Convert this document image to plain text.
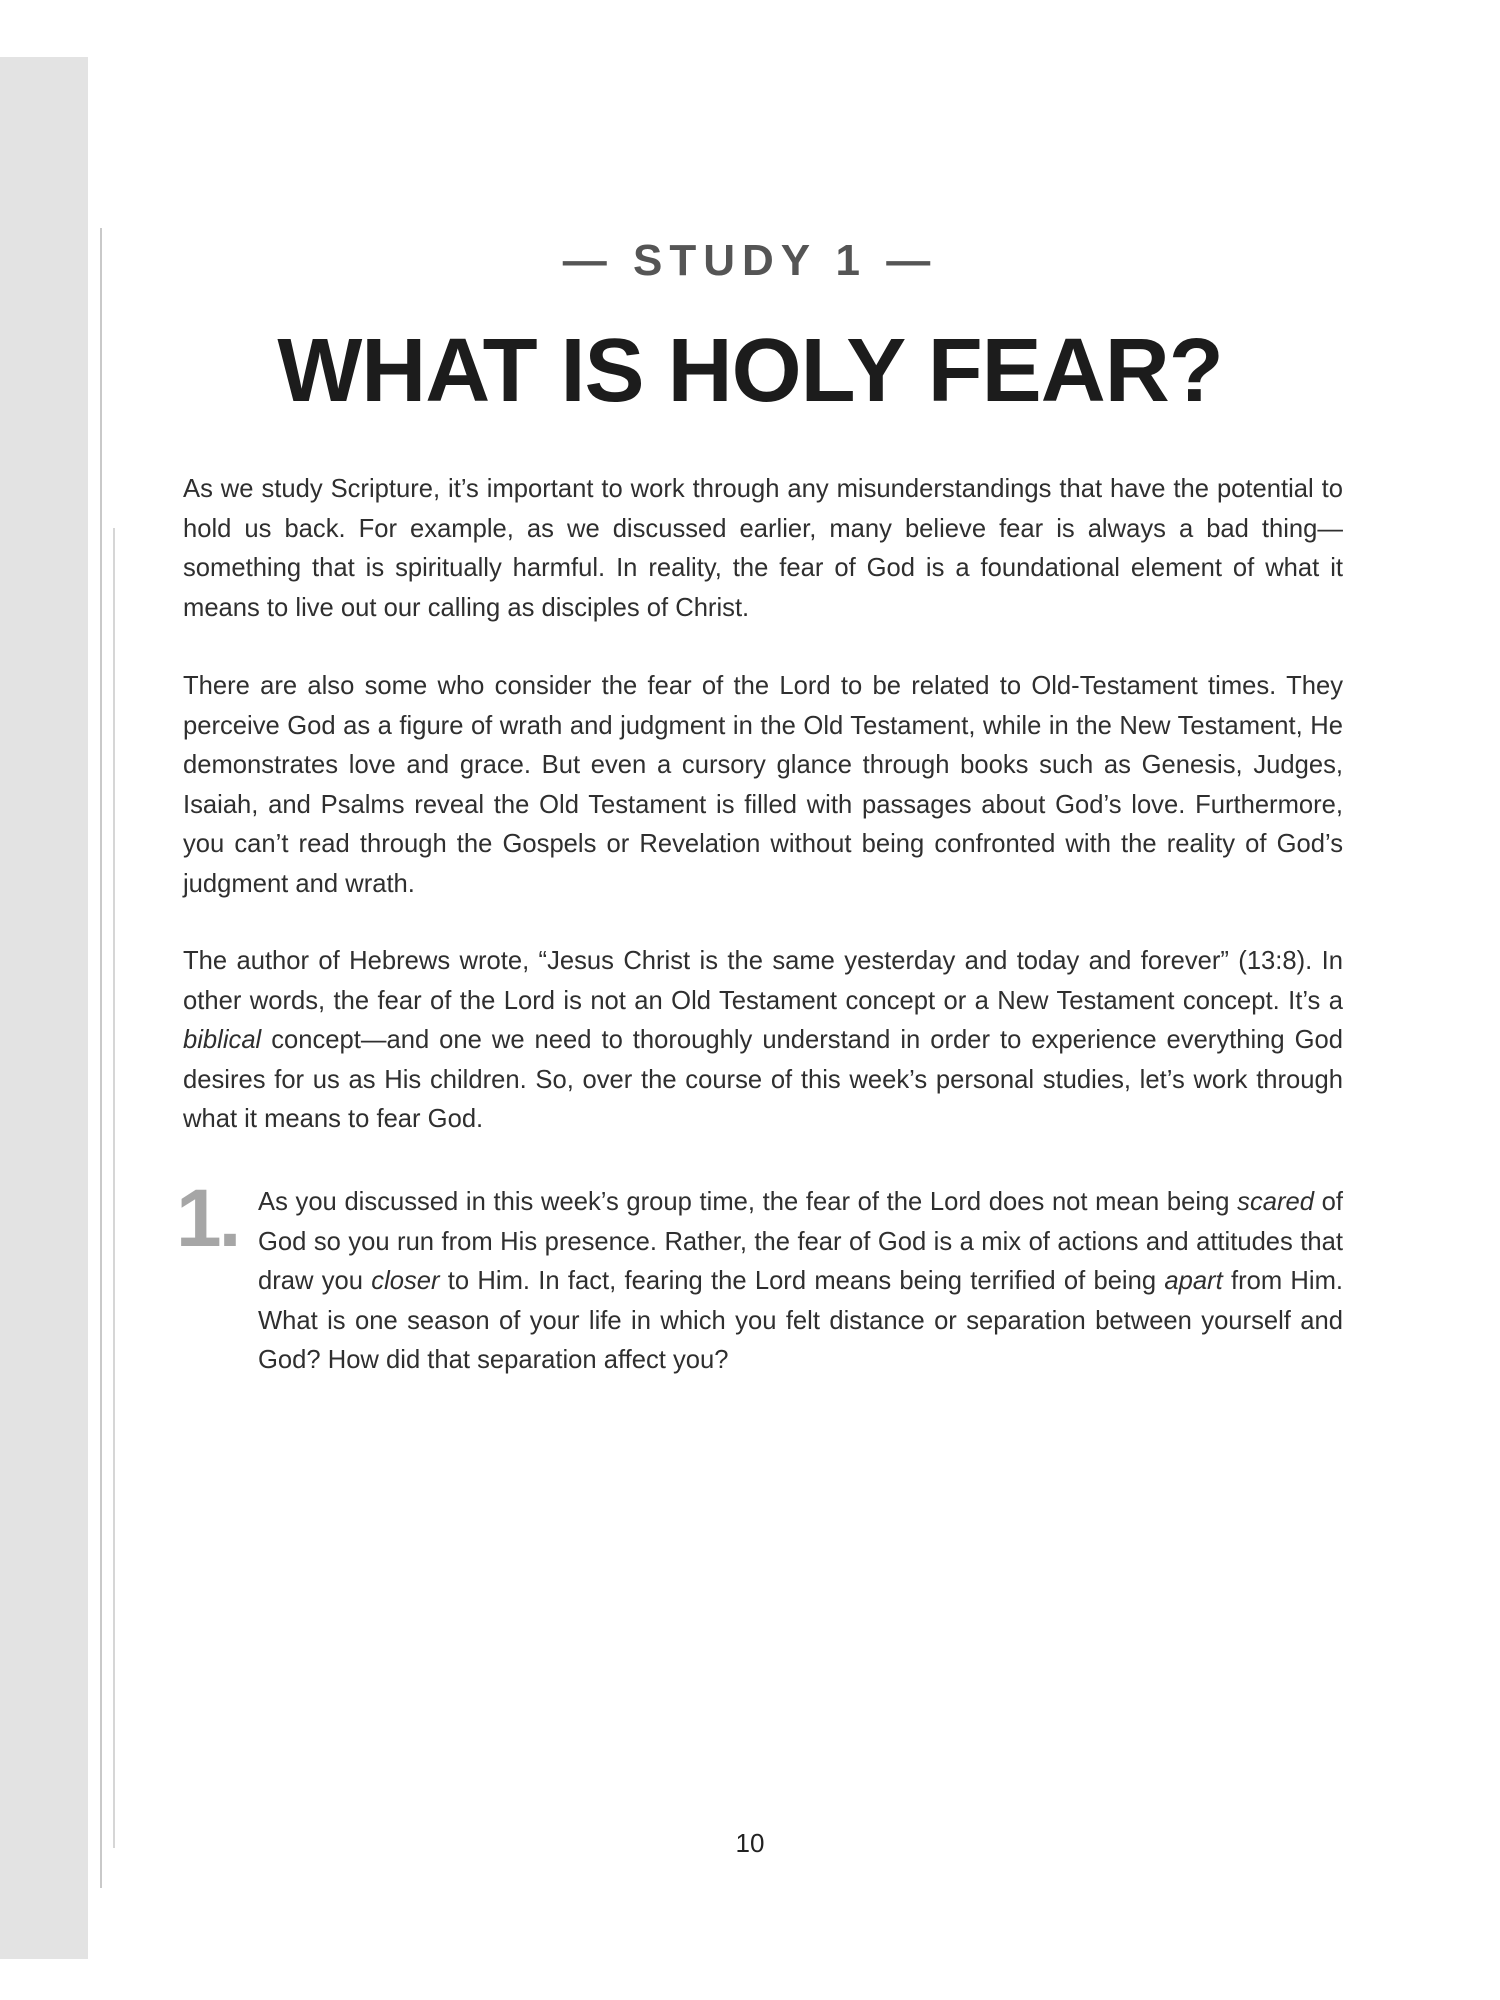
— STUDY 1 —
WHAT IS HOLY FEAR?

As we study Scripture, it’s important to work through any misunderstandings that have the potential to hold us back. For example, as we discussed earlier, many believe fear is always a bad thing—something that is spiritually harmful. In reality, the fear of God is a foundational element of what it means to live out our calling as disciples of Christ.

There are also some who consider the fear of the Lord to be related to Old-Testament times. They perceive God as a figure of wrath and judgment in the Old Testament, while in the New Testament, He demonstrates love and grace. But even a cursory glance through books such as Genesis, Judges, Isaiah, and Psalms reveal the Old Testament is filled with passages about God’s love. Furthermore, you can’t read through the Gospels or Revelation without being confronted with the reality of God’s judgment and wrath.

The author of Hebrews wrote, “Jesus Christ is the same yesterday and today and forever” (13:8). In other words, the fear of the Lord is not an Old Testament concept or a New Testament concept. It’s a biblical concept—and one we need to thoroughly understand in order to experience everything God desires for us as His children. So, over the course of this week’s personal studies, let’s work through what it means to fear God.

1. As you discussed in this week’s group time, the fear of the Lord does not mean being scared of God so you run from His presence. Rather, the fear of God is a mix of actions and attitudes that draw you closer to Him. In fact, fearing the Lord means being terrified of being apart from Him. What is one season of your life in which you felt distance or separation between yourself and God? How did that separation affect you?

10
